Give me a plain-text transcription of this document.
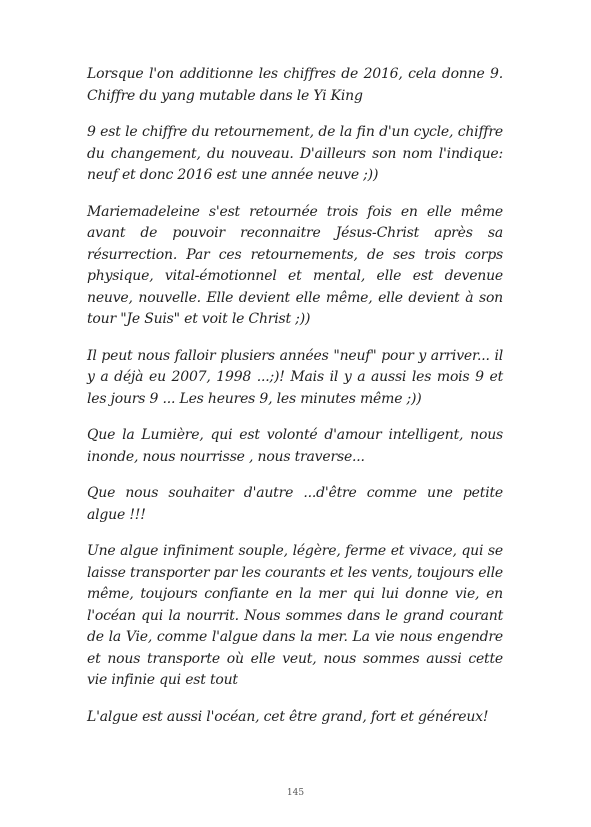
Lorsque l'on additionne les chiffres de 2016, cela donne 9. Chiffre du yang mutable dans le Yi King

9 est le chiffre du retournement, de la fin d'un cycle, chiffre du changement, du nouveau. D'ailleurs son nom l'indique: neuf et donc 2016 est une année neuve ;))

Mariemadeleine s'est retournée trois fois en elle même avant de pouvoir reconnaitre Jésus-Christ après sa résurrection. Par ces retournements, de ses trois corps physique, vital-émotionnel et mental, elle est devenue neuve, nouvelle. Elle devient elle même, elle devient à son tour "Je Suis" et voit le Christ ;))

Il peut nous falloir plusiers années "neuf" pour y arriver... il y a déjà eu 2007, 1998 ...;)! Mais il y a aussi les mois 9 et les jours 9 ... Les heures 9, les minutes même ;))

Que la Lumière, qui est volonté d'amour intelligent, nous inonde, nous nourrisse , nous traverse...

Que nous souhaiter d'autre ...d'être comme une petite algue !!!

Une algue infiniment souple, légère, ferme et vivace, qui se laisse transporter par les courants et les vents, toujours elle même, toujours confiante en la mer qui lui donne vie, en l'océan qui la nourrit. Nous sommes dans le grand courant de la Vie, comme l'algue dans la mer. La vie nous engendre et nous transporte où elle veut, nous sommes aussi cette vie infinie qui est tout

L'algue est aussi l'océan, cet être grand, fort et généreux!

145
